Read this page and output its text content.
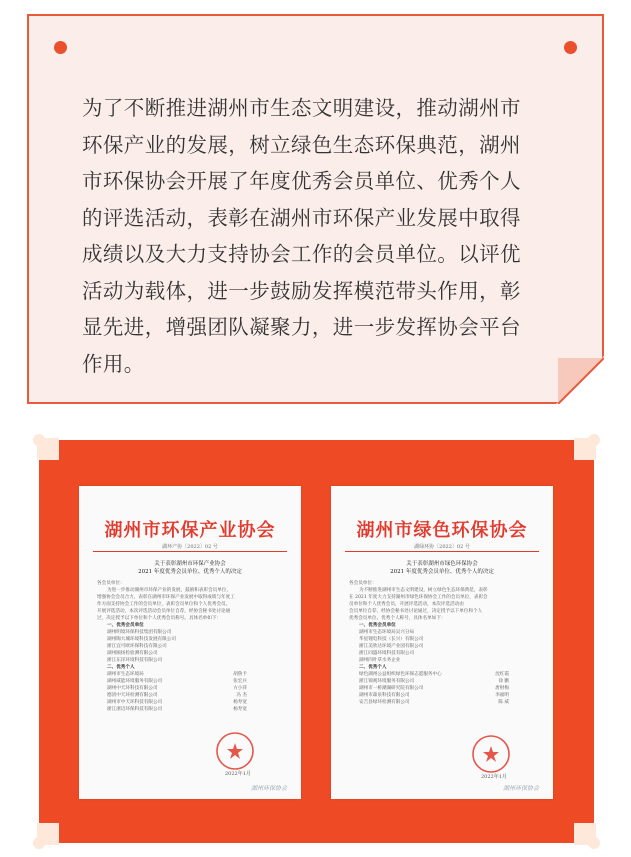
为了不断推进湖州市生态文明建设，推动湖州市
环保产业的发展，树立绿色生态环保典范，湖州
市环保协会开展了年度优秀会员单位、优秀个人
的评选活动，表彰在湖州市环保产业发展中取得
成绩以及大力支持协会工作的会员单位。以评优
活动为载体，进一步鼓励发挥模范带头作用，彰
显先进，增强团队凝聚力，进一步发挥协会平台
作用。
湖州市环保产业协会
湖环产协〔2022〕02 号
关于表彰湖州市环保产业协会
2021 年度优秀会员单位、优秀个人的决定
各会员单位：
为进一步推动湖州市环保产业的发展，鼓励和表彰会员单位，
增强协会会员合力，表彰在湖州市环保产业发展中取得成绩与年度工
作方面支持协会工作的会员单位，表彰会员单位和个人优秀会员。
开展评选活动，本次评选活动会员单位自荐，经协会秘书处讨论通
过，决定授予以下单位和个人优秀会员称号。具体名单如下：
一、优秀会员单位
湖州明境环保科技集团有限公司
湖州陶大城环境科技发展有限公司
浙江宜可欧环保科技有限公司
湖州颐扬检验测有限公司
浙江东洋环境科技有限公司
二、优秀个人
湖州市生态环境局	胡鲁卡
湖州威能环境服务有限公司	张宏兵
湖州中天环科技有限公司	方小萍
德清中天环检测有限公司	冯 杰
湖州市中天环科技有限公司	杨寿宽
浙江浙迈环保科技有限公司	杨寿宽
2022年1月
湖州环保协会
湖州市绿色环保协会
湖绿环协〔2022〕02 号
关于表彰湖州市绿色环保协会
2021 年度优秀会员单位、优秀个人的决定
各会员单位：
为不断推进湖州市生态文明建设，树立绿色生态环保典范，表彰
在 2021 年度大力支持湖州市绿色环保协会工作的会员单位，表彰会
员单位和个人优秀会员，开展评选活动，本次评选活动由
会员单位自荐，经协会秘书处讨论通过，决定授予以下单位和个人
优秀会员单位、优秀个人称号，具体名单如下：
一、优秀会员单位
湖州市生态环境局吴兴分局
华星锂电科技（长兴）有限公司
浙江美欣达环境产业园有限公司
浙江同盛环境科技有限公司
湖州四叶草水务企业
二、优秀个人
绿色湖州公益组织绿色环保志愿服务中心	沈红霞
浙江锦观环境服务有限公司	徐 鹏
湖州市一桥潮湖研究院有限公司	唐财梅
湖州市森泉科技有限公司	李福明
安吉县绿环检测有限公司	陈 威
2022年1月
湖州环保协会
